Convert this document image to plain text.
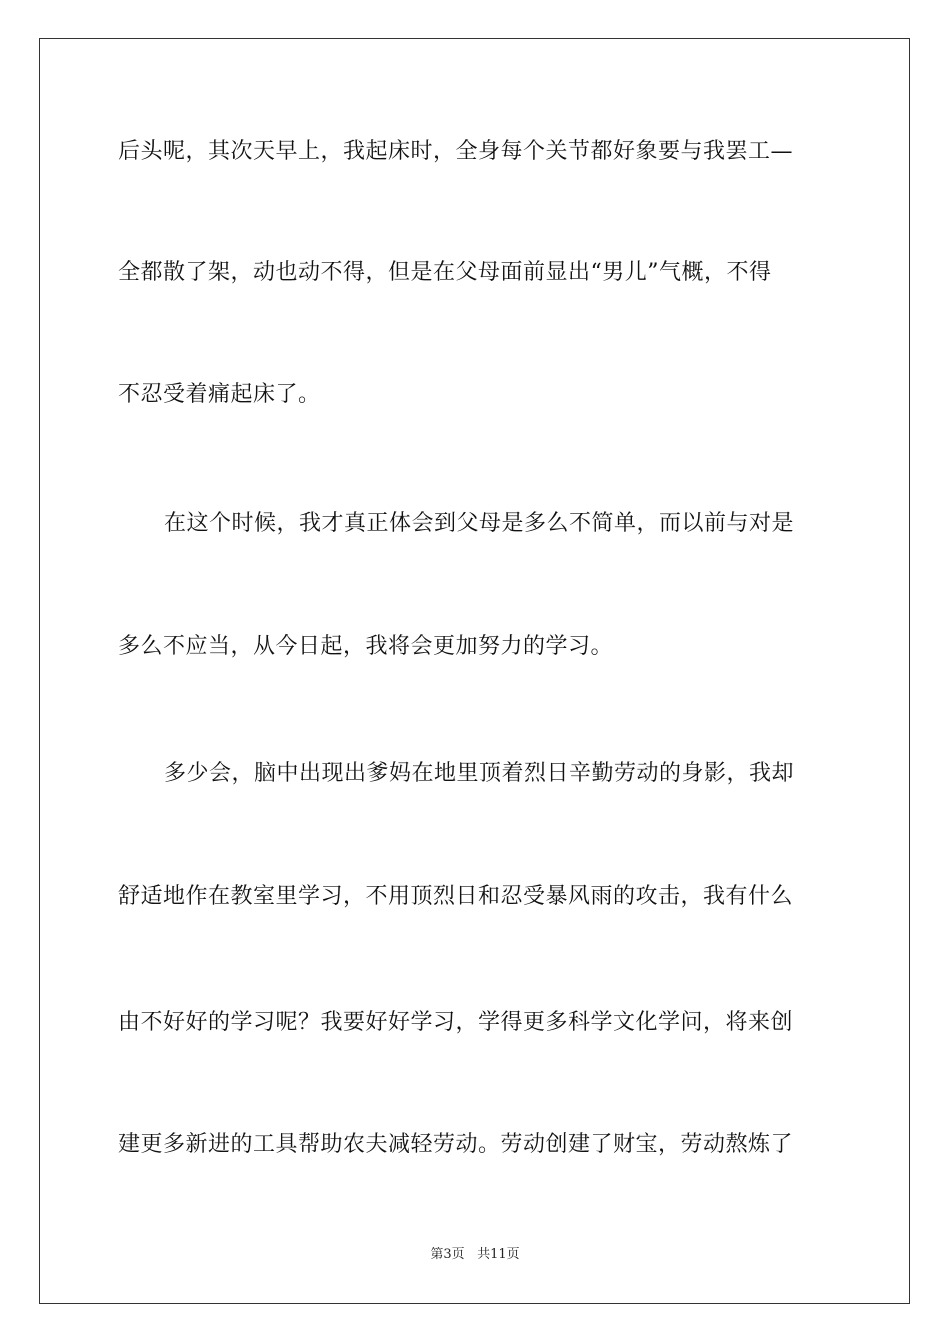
后头呢，其次天早上，我起床时，全身每个关节都好象要与我罢工—
全都散了架，动也动不得，但是在父母面前显出“男儿”气概，不得
不忍受着痛起床了。
在这个时候，我才真正体会到父母是多么不简单，而以前与对是
多么不应当，从今日起，我将会更加努力的学习。
多少会，脑中出现出爹妈在地里顶着烈日辛勤劳动的身影，我却
舒适地作在教室里学习，不用顶烈日和忍受暴风雨的攻击，我有什么
由不好好的学习呢？我要好好学习，学得更多科学文化学问，将来创
建更多新进的工具帮助农夫减轻劳动。劳动创建了财宝，劳动熬炼了
第3页 共11页
